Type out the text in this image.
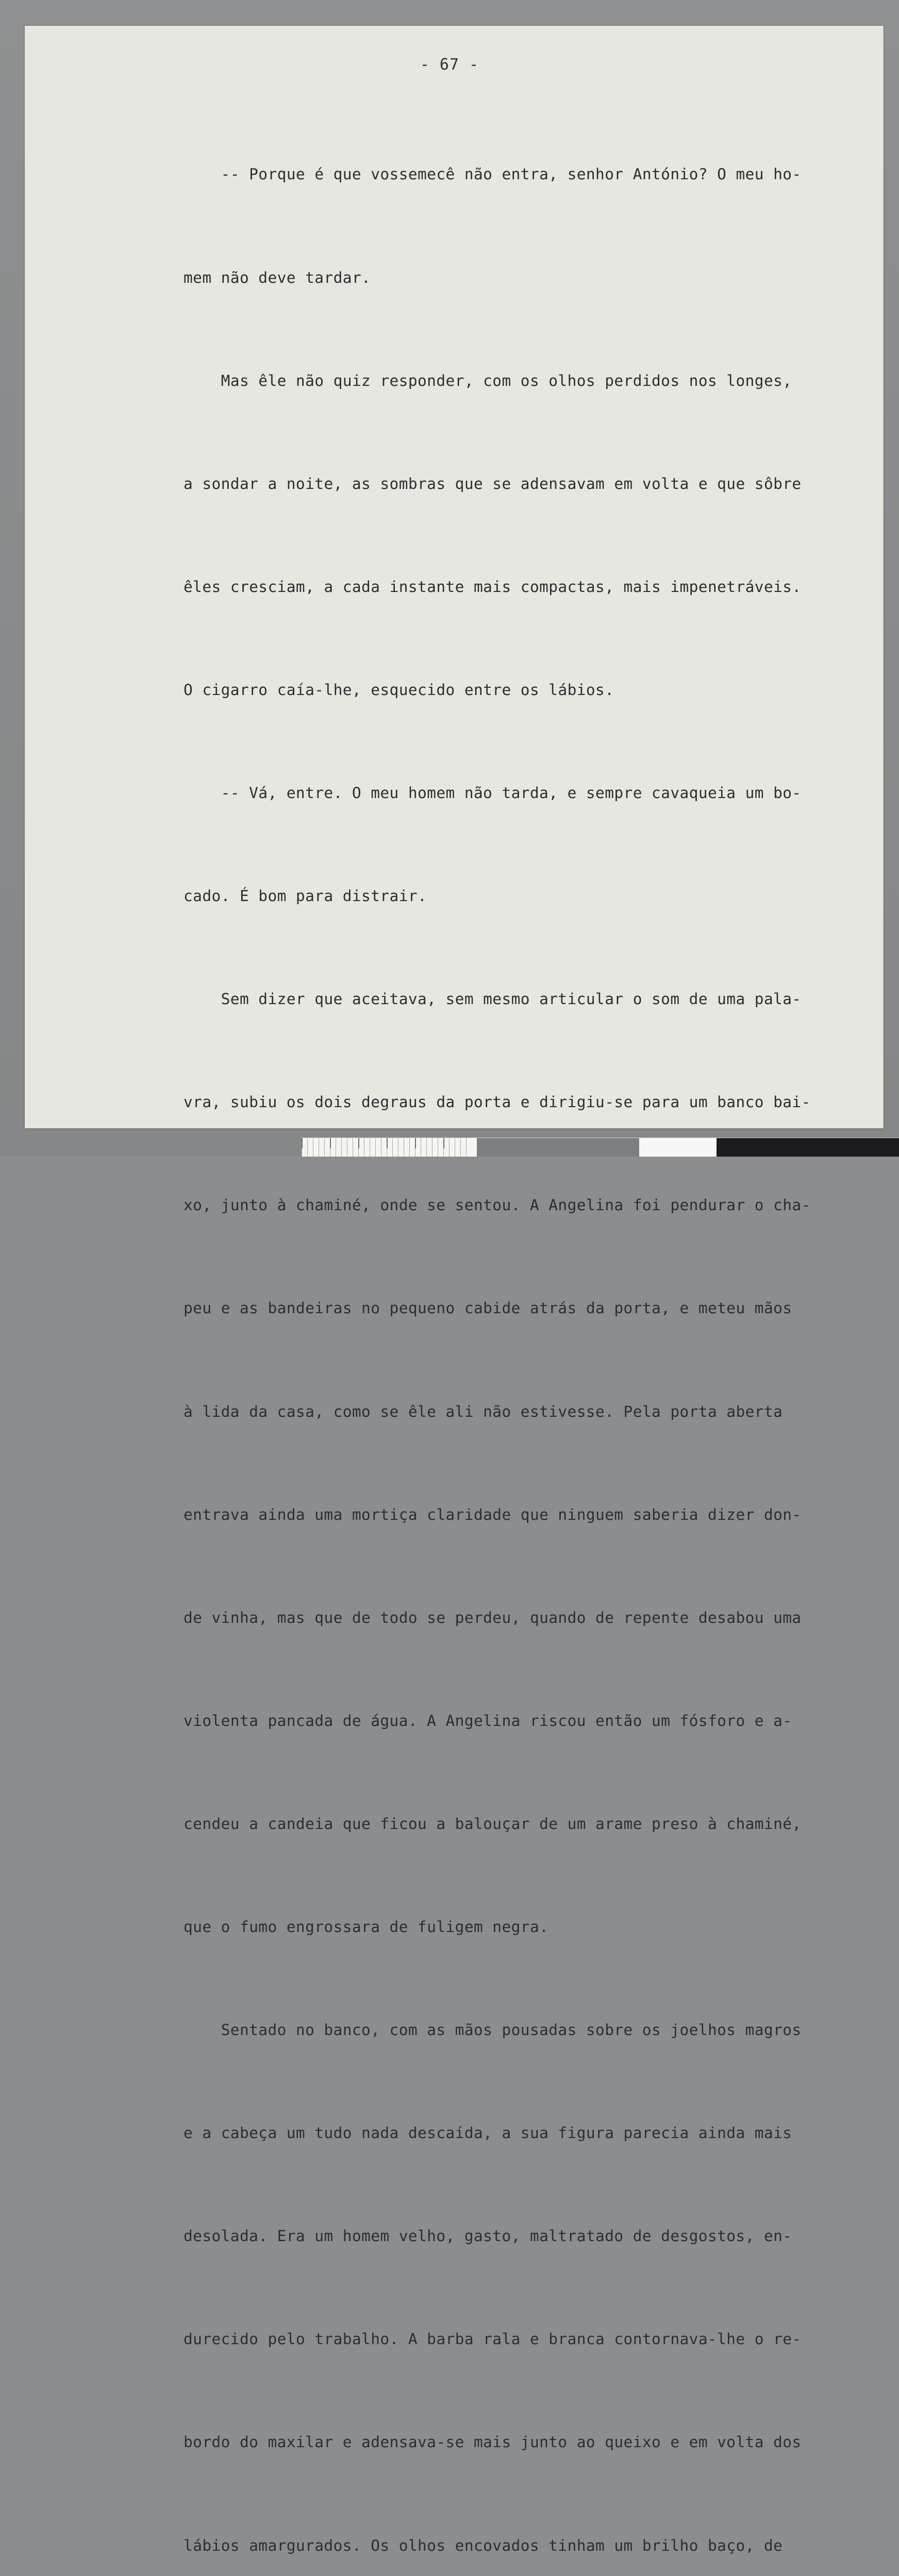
- 67 -

-- Porque é que vossemecê não entra, senhor António? O meu ho-

mem não deve tardar.

Mas êle não quiz responder, com os olhos perdidos nos longes,

a sondar a noite, as sombras que se adensavam em volta e que sôbre

êles cresciam, a cada instante mais compactas, mais impenetráveis.

O cigarro caía-lhe, esquecido entre os lábios.

-- Vá, entre. O meu homem não tarda, e sempre cavaqueia um bo-

cado. É bom para distrair.

Sem dizer que aceitava, sem mesmo articular o som de uma pala-

vra, subiu os dois degraus da porta e dirigiu-se para um banco bai-

xo, junto à chaminé, onde se sentou. A Angelina foi pendurar o cha-

peu e as bandeiras no pequeno cabide atrás da porta, e meteu mãos

à lida da casa, como se êle ali não estivesse. Pela porta aberta

entrava ainda uma mortiça claridade que ninguem saberia dizer don-

de vinha, mas que de todo se perdeu, quando de repente desabou uma

violenta pancada de água. A Angelina riscou então um fósforo e a-

cendeu a candeia que ficou a balouçar de um arame preso à chaminé,

que o fumo engrossara de fuligem negra.

Sentado no banco, com as mãos pousadas sobre os joelhos magros

e a cabeça um tudo nada descaída, a sua figura parecia ainda mais

desolada. Era um homem velho, gasto, maltratado de desgostos, en-

durecido pelo trabalho. A barba rala e branca contornava-lhe o re-

bordo do maxilar e adensava-se mais junto ao queixo e em volta dos

lábios amargurados. Os olhos encovados tinham um brilho baço, de
